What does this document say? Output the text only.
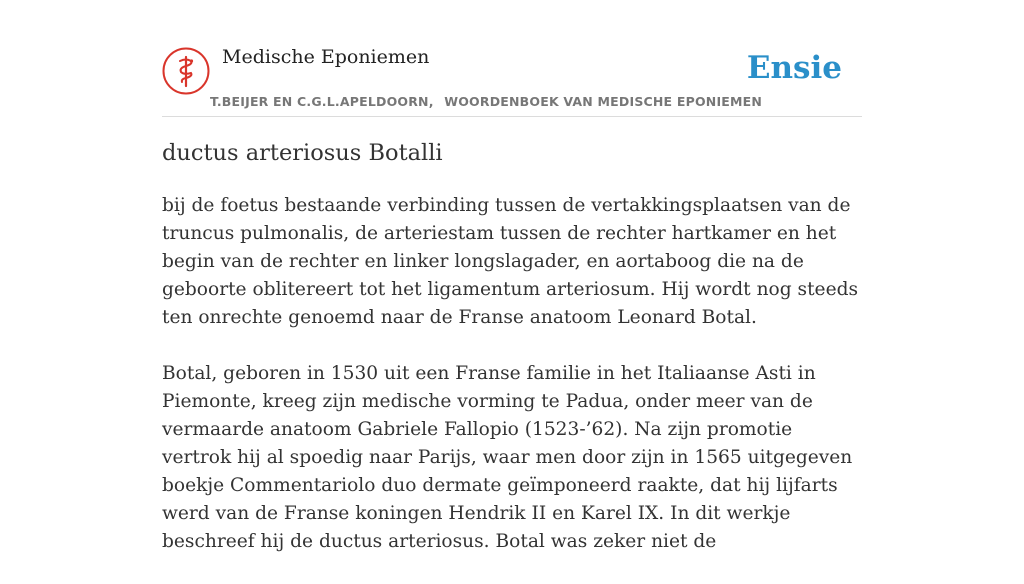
Medische Eponiemen
T.BEIJER EN C.G.L.APELDOORN, WOORDENBOEK VAN MEDISCHE EPONIEMEN
Ensie
ductus arteriosus Botalli

bij de foetus bestaande verbinding tussen de vertakkingsplaatsen van de truncus pulmonalis, de arteriestam tussen de rechter hartkamer en het begin van de rechter en linker longslagader, en aortaboog die na de geboorte oblitereert tot het ligamentum arteriosum. Hij wordt nog steeds ten onrechte genoemd naar de Franse anatoom Leonard Botal.

Botal, geboren in 1530 uit een Franse familie in het Italiaanse Asti in Piemonte, kreeg zijn medische vorming te Padua, onder meer van de vermaarde anatoom Gabriele Fallopio (1523-’62). Na zijn promotie vertrok hij al spoedig naar Parijs, waar men door zijn in 1565 uitgegeven boekje Commentariolo duo dermate geïmponeerd raakte, dat hij lijfarts werd van de Franse koningen Hendrik II en Karel IX. In dit werkje beschreef hij de ductus arteriosus. Botal was zeker niet de
